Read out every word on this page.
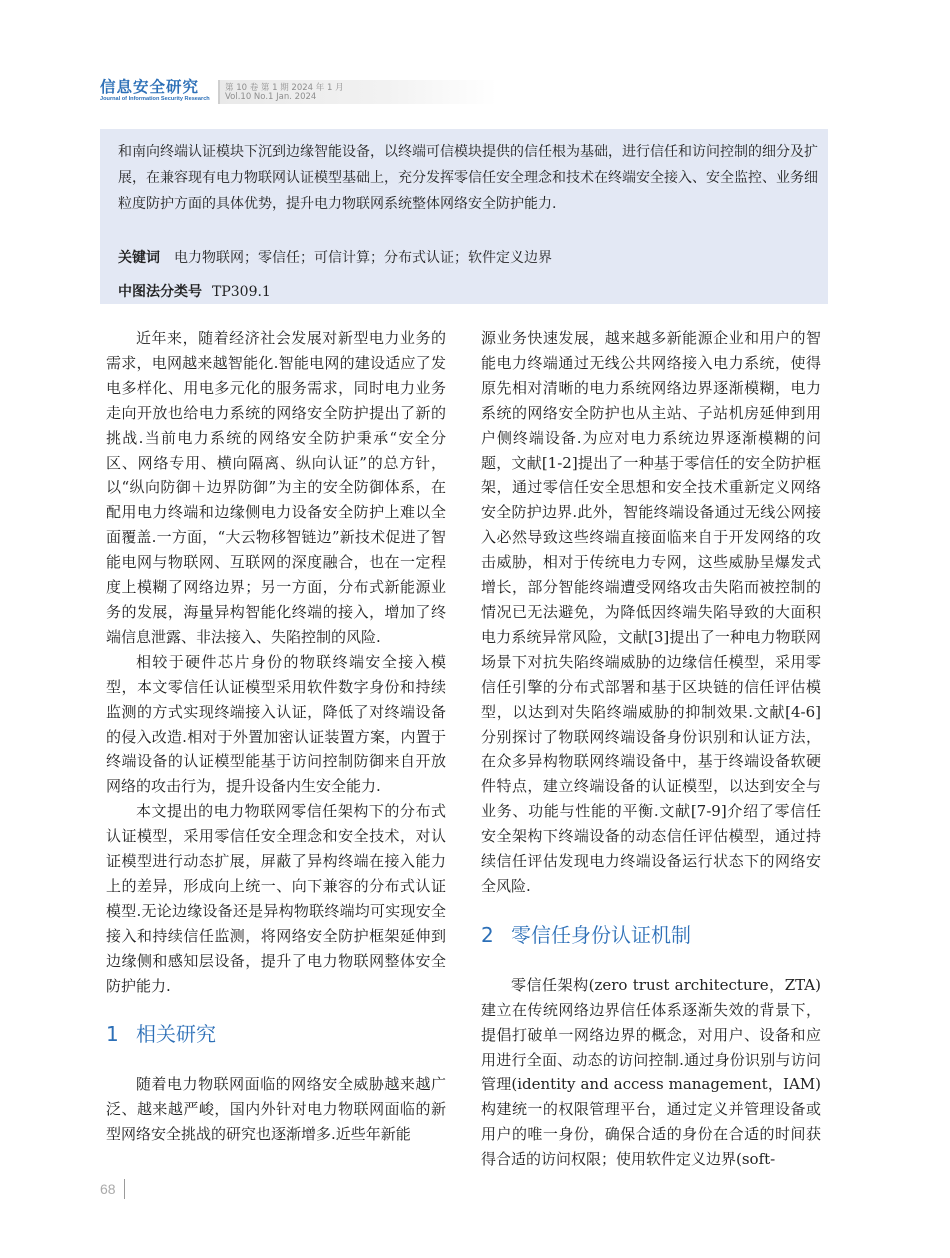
信息安全研究
Journal of Information Security Research
第 10 卷 第 1 期 2024 年 1 月
Vol.10 No.1 Jan. 2024

和南向终端认证模块下沉到边缘智能设备，以终端可信模块提供的信任根为基础，进行信任和访问控制的细分及扩展，在兼容现有电力物联网认证模型基础上，充分发挥零信任安全理念和技术在终端安全接入、安全监控、业务细粒度防护方面的具体优势，提升电力物联网系统整体网络安全防护能力.

关键词 电力物联网；零信任；可信计算；分布式认证；软件定义边界
中图法分类号 TP309.1

近年来，随着经济社会发展对新型电力业务的需求，电网越来越智能化.智能电网的建设适应了发电多样化、用电多元化的服务需求，同时电力业务走向开放也给电力系统的网络安全防护提出了新的挑战.当前电力系统的网络安全防护秉承“安全分区、网络专用、横向隔离、纵向认证”的总方针，以“纵向防御＋边界防御”为主的安全防御体系，在配用电力终端和边缘侧电力设备安全防护上难以全面覆盖.一方面，“大云物移智链边”新技术促进了智能电网与物联网、互联网的深度融合，也在一定程度上模糊了网络边界；另一方面，分布式新能源业务的发展，海量异构智能化终端的接入，增加了终端信息泄露、非法接入、失陷控制的风险.

相较于硬件芯片身份的物联终端安全接入模型，本文零信任认证模型采用软件数字身份和持续监测的方式实现终端接入认证，降低了对终端设备的侵入改造.相对于外置加密认证装置方案，内置于终端设备的认证模型能基于访问控制防御来自开放网络的攻击行为，提升设备内生安全能力.

本文提出的电力物联网零信任架构下的分布式认证模型，采用零信任安全理念和安全技术，对认证模型进行动态扩展，屏蔽了异构终端在接入能力上的差异，形成向上统一、向下兼容的分布式认证模型.无论边缘设备还是异构物联终端均可实现安全接入和持续信任监测，将网络安全防护框架延伸到边缘侧和感知层设备，提升了电力物联网整体安全防护能力.

1 相关研究

随着电力物联网面临的网络安全威胁越来越广泛、越来越严峻，国内外针对电力物联网面临的新型网络安全挑战的研究也逐渐增多.近些年新能

源业务快速发展，越来越多新能源企业和用户的智能电力终端通过无线公共网络接入电力系统，使得原先相对清晰的电力系统网络边界逐渐模糊，电力系统的网络安全防护也从主站、子站机房延伸到用户侧终端设备.为应对电力系统边界逐渐模糊的问题，文献[1-2]提出了一种基于零信任的安全防护框架，通过零信任安全思想和安全技术重新定义网络安全防护边界.此外，智能终端设备通过无线公网接入必然导致这些终端直接面临来自于开发网络的攻击威胁，相对于传统电力专网，这些威胁呈爆发式增长，部分智能终端遭受网络攻击失陷而被控制的情况已无法避免，为降低因终端失陷导致的大面积电力系统异常风险，文献[3]提出了一种电力物联网场景下对抗失陷终端威胁的边缘信任模型，采用零信任引擎的分布式部署和基于区块链的信任评估模型，以达到对失陷终端威胁的抑制效果.文献[4-6]分别探讨了物联网终端设备身份识别和认证方法，在众多异构物联网终端设备中，基于终端设备软硬件特点，建立终端设备的认证模型，以达到安全与业务、功能与性能的平衡.文献[7-9]介绍了零信任安全架构下终端设备的动态信任评估模型，通过持续信任评估发现电力终端设备运行状态下的网络安全风险.

2 零信任身份认证机制

零信任架构(zero trust architecture，ZTA)建立在传统网络边界信任体系逐渐失效的背景下，提倡打破单一网络边界的概念，对用户、设备和应用进行全面、动态的访问控制.通过身份识别与访问管理(identity and access management，IAM)构建统一的权限管理平台，通过定义并管理设备或用户的唯一身份，确保合适的身份在合适的时间获得合适的访问权限；使用软件定义边界(soft-

68
